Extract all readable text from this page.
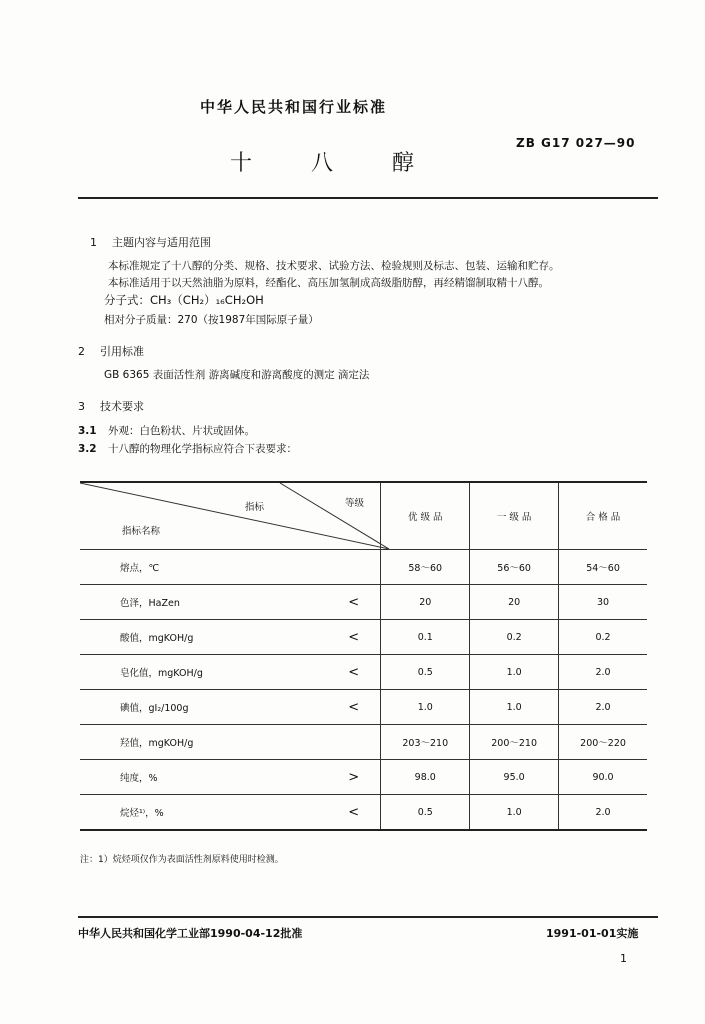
中华人民共和国行业标准
ZB G17 027—90
十 八 醇
1 主题内容与适用范围
本标准规定了十八醇的分类、规格、技术要求、试验方法、检验规则及标志、包装、运输和贮存。
本标准适用于以天然油脂为原料，经酯化、高压加氢制成高级脂肪醇，再经精馏制取精十八醇。
分子式：CH₃（CH₂）₁₆CH₂OH
相对分子质量：270（按1987年国际原子量）
2 引用标准
GB 6365 表面活性剂 游离碱度和游离酸度的测定 滴定法
3 技术要求
3.1 外观：白色粉状、片状或固体。
3.2 十八醇的物理化学指标应符合下表要求：
指标 等级
指标名称		优 级 品	一 级 品	合 格 品
熔点，℃		58～60	56～60	54～60
色泽，HaZen	<	20	20	30
酸值，mgKOH/g	<	0.1	0.2	0.2
皂化值，mgKOH/g	<	0.5	1.0	2.0
碘值，gI₂/100g	<	1.0	1.0	2.0
羟值，mgKOH/g		203～210	200～210	200～220
纯度，%	>	98.0	95.0	90.0
烷烃¹⁾，%	<	0.5	1.0	2.0
注：1）烷烃项仅作为表面活性剂原料使用时检测。
中华人民共和国化学工业部1990-04-12批准	1991-01-01实施
1
